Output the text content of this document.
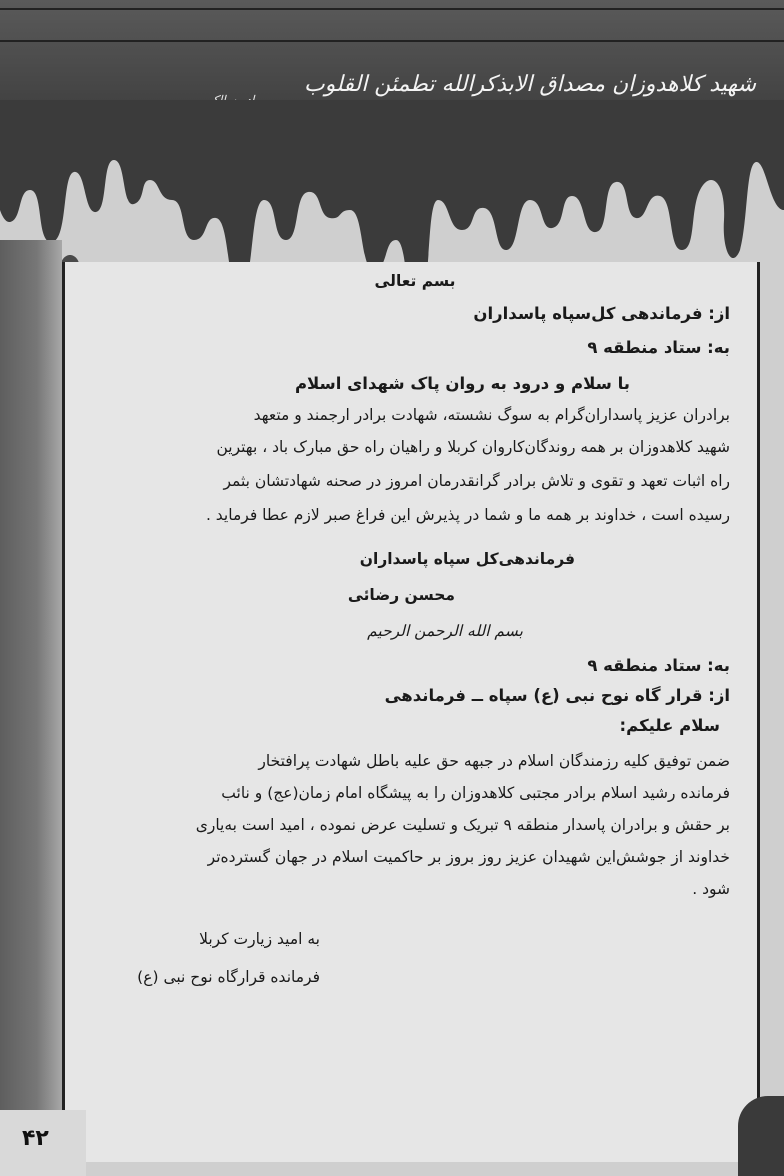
شهید کلاهدوزان مصداق الابذکرالله تطمئن القلوب
بسم تعالی
از: فرماندهی کل‌سپاه پاسداران
به: ستاد منطقه ۹
با سلام و درود به روان پاک شهدای اسلام
برادران عزیز پاسداران‌گرام به سوگ نشسته، شهادت برادر ارجمند و متعهد
شهید کلاهدوزان بر همه روندگان‌کاروان کربلا و راهیان راه حق مبارک باد ، بهترین
راه اثبات تعهد و تقوی و تلاش برادر گرانقدرمان امروز در صحنه شهادتشان بثمر
رسیده است ، خداوند بر همه ما و شما در پذیرش این فراغ صبر لازم عطا فرماید .
فرماندهی‌کل سپاه پاسداران
محسن رضائی
بسم الله الرحمن الرحیم
به: ستاد منطقه ۹
از: قرار گاه نوح نبی (ع) سپاه ــ فرماندهی
سلام علیکم:
ضمن توفیق کلیه رزمندگان اسلام در جبهه حق علیه باطل شهادت پرافتخار
فرمانده رشید اسلام برادر مجتبی کلاهدوزان را به پیشگاه امام زمان(عج) و نائب
بر حقش و برادران پاسدار منطقه ۹ تبریک و تسلیت عرض نموده ، امید است به‌یاری
خداوند از جوشش‌این شهیدان عزیز روز بروز بر حاکمیت اسلام در جهان گسترده‌تر
شود .
به امید زیارت کربلا
فرمانده قرارگاه نوح نبی (ع)
۴۲
